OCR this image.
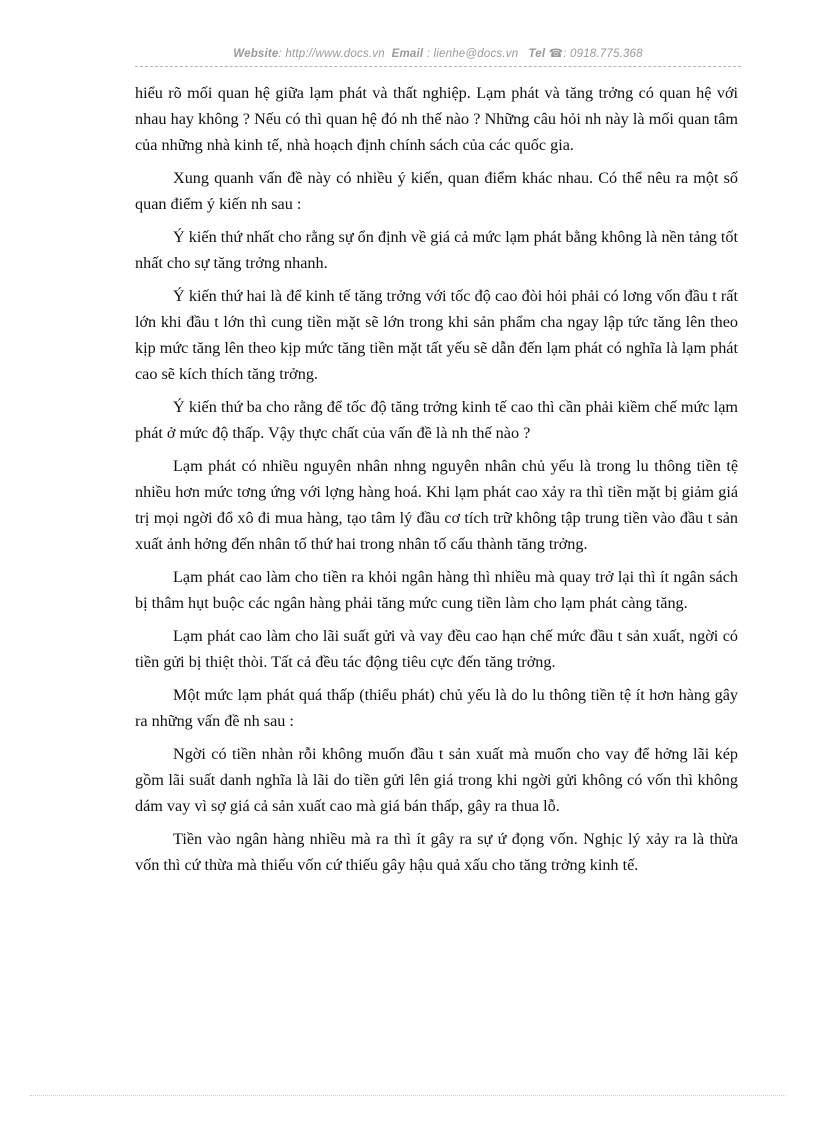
Website: http://www.docs.vn Email : lienhe@docs.vn Tel ☎: 0918.775.368

hiểu rõ mối quan hệ giữa lạm phát và thất nghiệp. Lạm phát và tăng trởng có quan hệ với nhau hay không ? Nếu có thì quan hệ đó nh thế nào ? Những câu hỏi nh này là mối quan tâm của những nhà kinh tế, nhà hoạch định chính sách của các quốc gia.

Xung quanh vấn đề này có nhiều ý kiến, quan điểm khác nhau. Có thể nêu ra một số quan điểm ý kiến nh sau :

Ý kiến thứ nhất cho rằng sự ổn định về giá cả mức lạm phát bằng không là nền tảng tốt nhất cho sự tăng trởng nhanh.

Ý kiến thứ hai là để kinh tế tăng trởng với tốc độ cao đòi hỏi phải có lơng vốn đầu t rất lớn khi đầu t lớn thì cung tiền mặt sẽ lớn trong khi sản phẩm cha ngay lập tức tăng lên theo kịp mức tăng lên theo kịp mức tăng tiền mặt tất yếu sẽ dẫn đến lạm phát có nghĩa là lạm phát cao sẽ kích thích tăng trởng.

Ý kiến thứ ba cho rằng để tốc độ tăng trởng kinh tế cao thì cần phải kiềm chế mức lạm phát ở mức độ thấp. Vậy thực chất của vấn đề là nh thế nào ?

Lạm phát có nhiều nguyên nhân nhng nguyên nhân chủ yếu là trong lu thông tiền tệ nhiều hơn mức tơng ứng với lợng hàng hoá. Khi lạm phát cao xảy ra thì tiền mặt bị giảm giá trị mọi ngời đổ xô đi mua hàng, tạo tâm lý đầu cơ tích trữ không tập trung tiền vào đầu t sản xuất ảnh hởng đến nhân tố thứ hai trong nhân tố cấu thành tăng trởng.

Lạm phát cao làm cho tiền ra khỏi ngân hàng thì nhiều mà quay trở lại thì ít ngân sách bị thâm hụt buộc các ngân hàng phải tăng mức cung tiền làm cho lạm phát càng tăng.

Lạm phát cao làm cho lãi suất gửi và vay đều cao hạn chế mức đầu t sản xuất, ngời có tiền gửi bị thiệt thòi. Tất cả đều tác động tiêu cực đến tăng trởng.

Một mức lạm phát quá thấp (thiểu phát) chủ yếu là do lu thông tiền tệ ít hơn hàng gây ra những vấn đề nh sau :

Ngời có tiền nhàn rỗi không muốn đầu t sản xuất mà muốn cho vay để hởng lãi kép gồm lãi suất danh nghĩa là lãi do tiền gửi lên giá trong khi ngời gửi không có vốn thì không dám vay vì sợ giá cả sản xuất cao mà giá bán thấp, gây ra thua lỗ.

Tiền vào ngân hàng nhiều mà ra thì ít gây ra sự ứ đọng vốn. Nghịc lý xảy ra là thừa vốn thì cứ thừa mà thiếu vốn cứ thiếu gây hậu quả xấu cho tăng trởng kinh tế.
